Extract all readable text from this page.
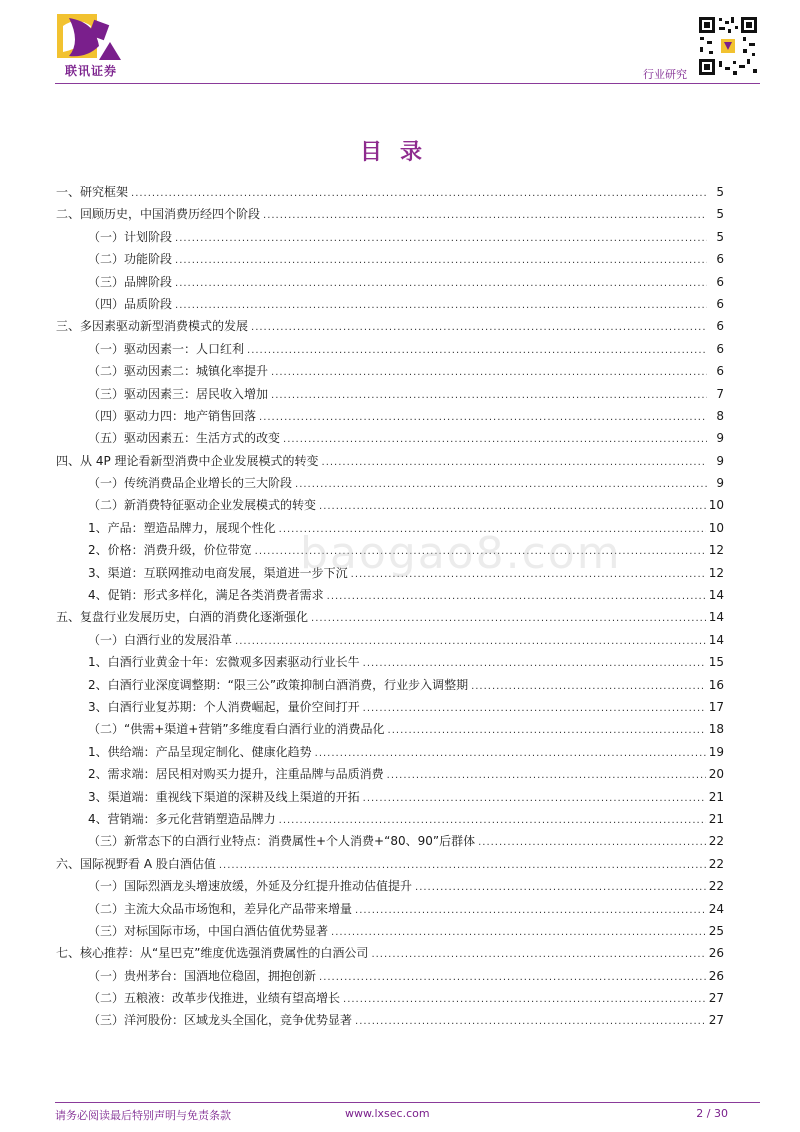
联讯证券	行业研究
目录
一、研究框架 .....	5
二、回顾历史，中国消费历经四个阶段 .....	5
（一）计划阶段 .....	5
（二）功能阶段 .....	6
（三）品牌阶段 .....	6
（四）品质阶段 .....	6
三、多因素驱动新型消费模式的发展 .....	6
（一）驱动因素一：人口红利 .....	6
（二）驱动因素二：城镇化率提升 .....	6
（三）驱动因素三：居民收入增加 .....	7
（四）驱动力四：地产销售回落 .....	8
（五）驱动因素五：生活方式的改变 .....	9
四、从 4P 理论看新型消费中企业发展模式的转变 .....	9
（一）传统消费品企业增长的三大阶段 .....	9
（二）新消费特征驱动企业发展模式的转变 .....	10
1、产品：塑造品牌力，展现个性化 .....	10
2、价格：消费升级，价位带宽 .....	12
3、渠道：互联网推动电商发展，渠道进一步下沉 .....	12
4、促销：形式多样化，满足各类消费者需求 .....	14
五、复盘行业发展历史，白酒的消费化逐渐强化 .....	14
（一）白酒行业的发展沿革 .....	14
1、白酒行业黄金十年：宏微观多因素驱动行业长牛 .....	15
2、白酒行业深度调整期：“限三公”政策抑制白酒消费，行业步入调整期 .....	16
3、白酒行业复苏期：个人消费崛起，量价空间打开 .....	17
（二）“供需+渠道+营销”多维度看白酒行业的消费品化 .....	18
1、供给端：产品呈现定制化、健康化趋势 .....	19
2、需求端：居民相对购买力提升，注重品牌与品质消费 .....	20
3、渠道端：重视线下渠道的深耕及线上渠道的开拓 .....	21
4、营销端：多元化营销塑造品牌力 .....	21
（三）新常态下的白酒行业特点：消费属性+个人消费+“80、90”后群体 .....	22
六、国际视野看 A 股白酒估值 .....	22
（一）国际烈酒龙头增速放缓，外延及分红提升推动估值提升 .....	22
（二）主流大众品市场饱和，差异化产品带来增量 .....	24
（三）对标国际市场，中国白酒估值优势显著 .....	25
七、核心推荐：从“星巴克”维度优选强消费属性的白酒公司 .....	26
（一）贵州茅台：国酒地位稳固，拥抱创新 .....	26
（二）五粮液：改革步伐推进，业绩有望高增长 .....	27
（三）洋河股份：区域龙头全国化，竞争优势显著 .....	27
baogao8.com
请务必阅读最后特别声明与免责条款	www.lxsec.com	2 / 30
